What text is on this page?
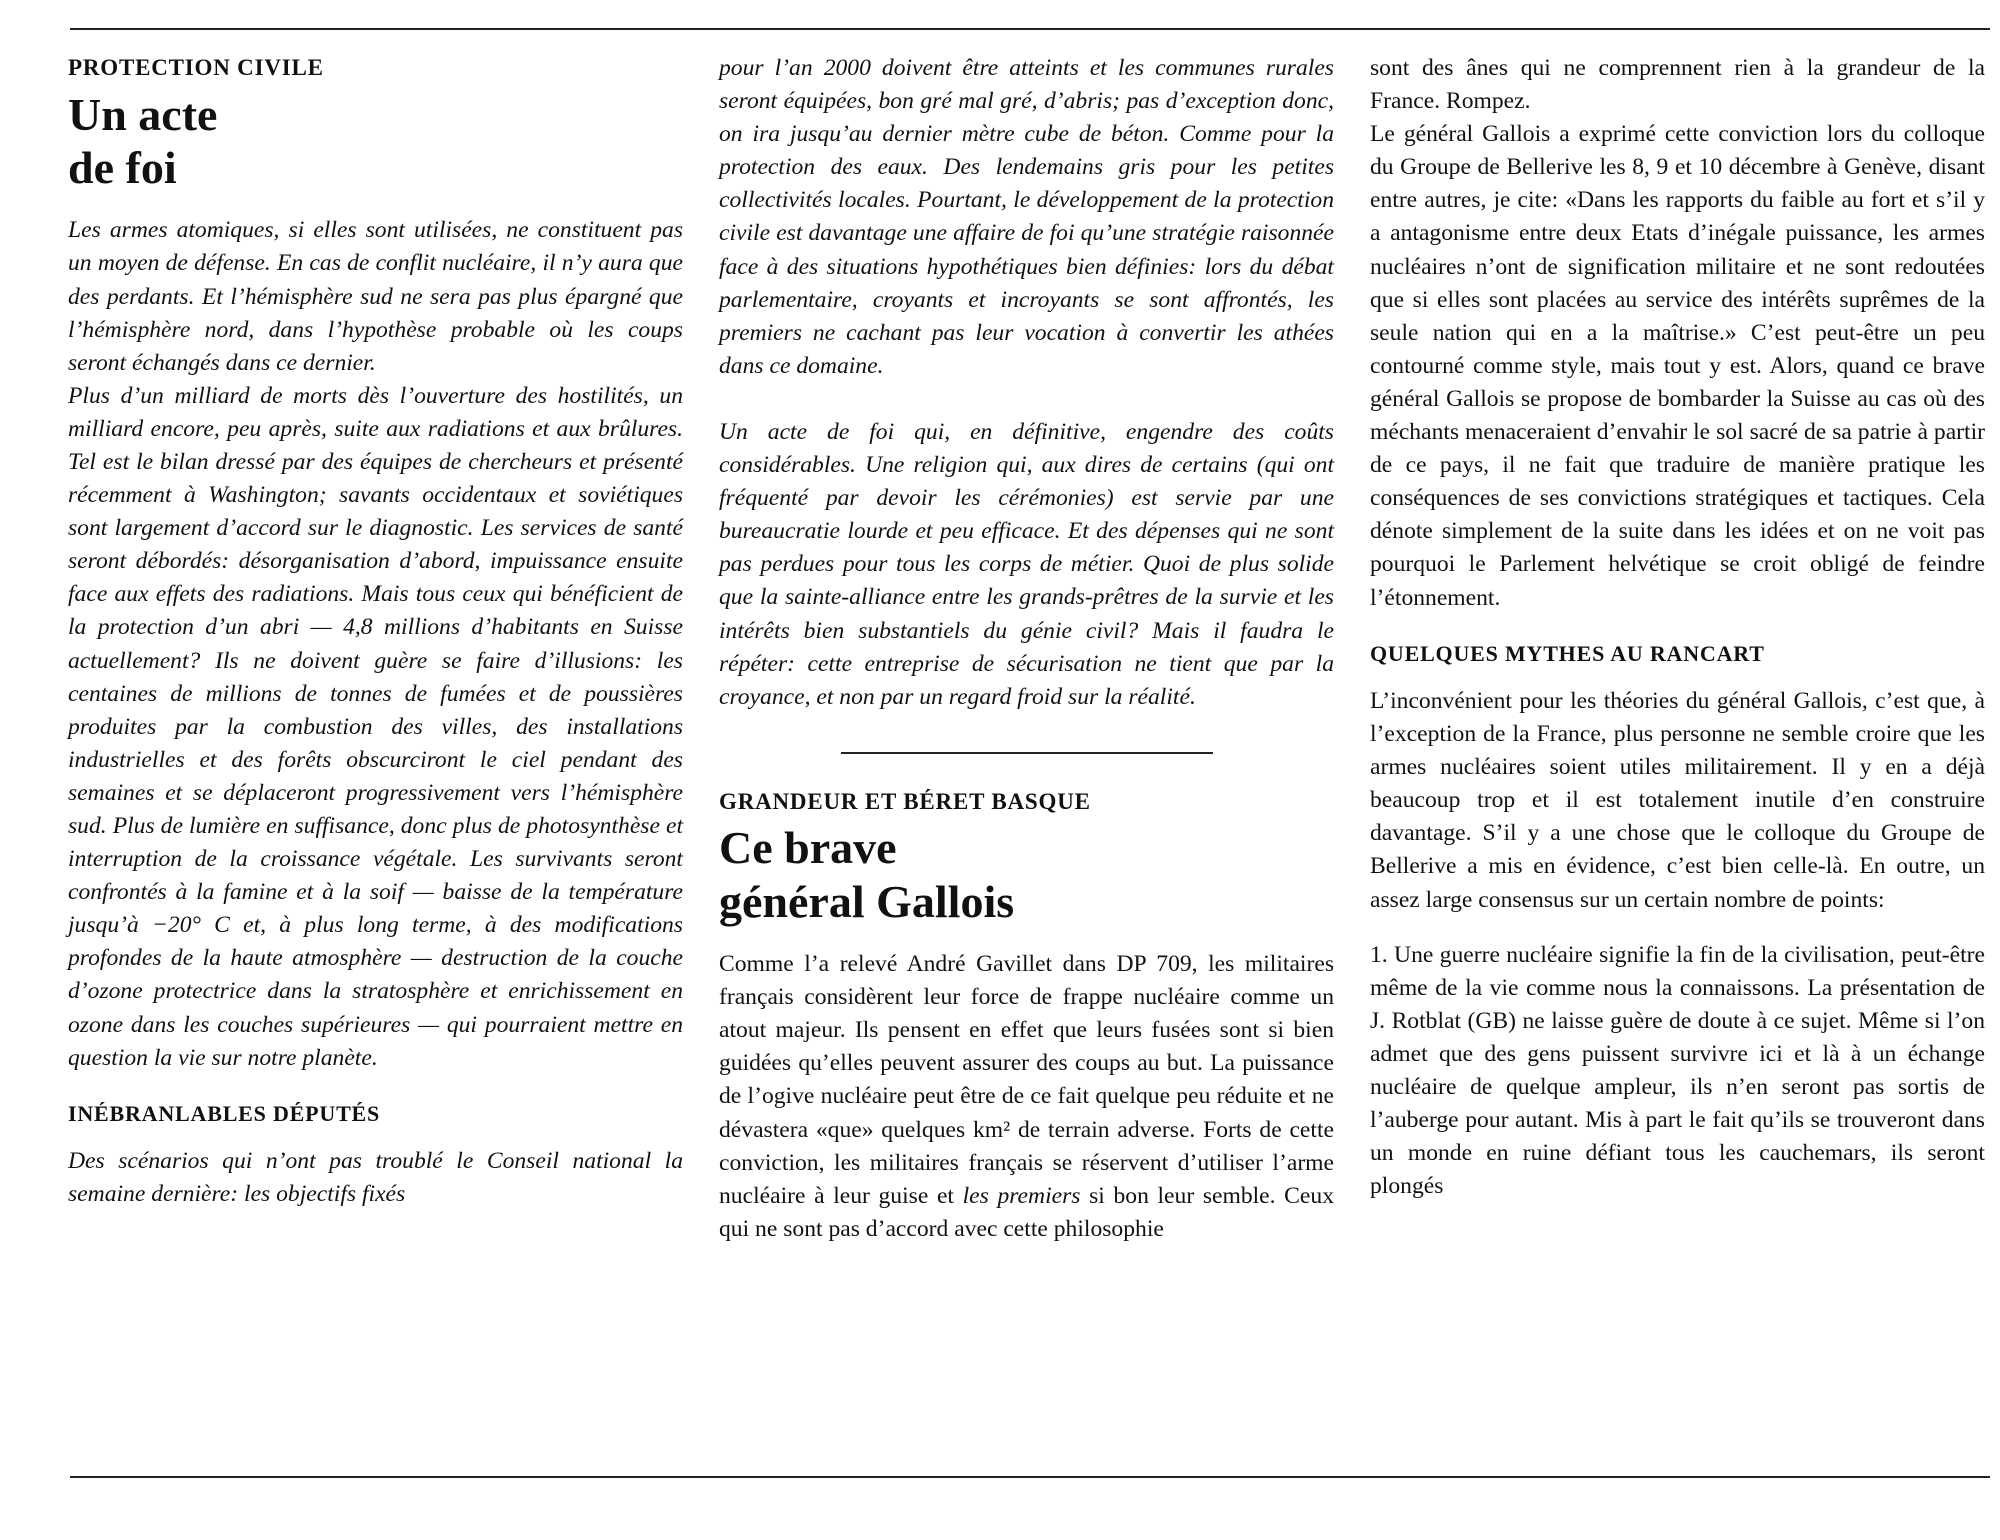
PROTECTION CIVILE
Un acte
de foi

Les armes atomiques, si elles sont utilisées, ne constituent pas un moyen de défense. En cas de conflit nucléaire, il n’y aura que des perdants. Et l’hémisphère sud ne sera pas plus épargné que l’hémisphère nord, dans l’hypothèse probable où les coups seront échangés dans ce dernier.

Plus d’un milliard de morts dès l’ouverture des hostilités, un milliard encore, peu après, suite aux radiations et aux brûlures. Tel est le bilan dressé par des équipes de chercheurs et présenté récemment à Washington; savants occidentaux et soviétiques sont largement d’accord sur le diagnostic. Les services de santé seront débordés: désorganisation d’abord, impuissance ensuite face aux effets des radiations. Mais tous ceux qui bénéficient de la protection d’un abri — 4,8 millions d’habitants en Suisse actuellement? Ils ne doivent guère se faire d’illusions: les centaines de millions de tonnes de fumées et de poussières produites par la combustion des villes, des installations industrielles et des forêts obscurciront le ciel pendant des semaines et se déplaceront progressivement vers l’hémisphère sud. Plus de lumière en suffisance, donc plus de photosynthèse et interruption de la croissance végétale. Les survivants seront confrontés à la famine et à la soif — baisse de la température jusqu’à −20° C et, à plus long terme, à des modifications profondes de la haute atmosphère — destruction de la couche d’ozone protectrice dans la stratosphère et enrichissement en ozone dans les couches supérieures — qui pourraient mettre en question la vie sur notre planète.

INÉBRANLABLES DÉPUTÉS

Des scénarios qui n’ont pas troublé le Conseil national la semaine dernière: les objectifs fixés

pour l’an 2000 doivent être atteints et les communes rurales seront équipées, bon gré mal gré, d’abris; pas d’exception donc, on ira jusqu’au dernier mètre cube de béton. Comme pour la protection des eaux. Des lendemains gris pour les petites collectivités locales. Pourtant, le développement de la protection civile est davantage une affaire de foi qu’une stratégie raisonnée face à des situations hypothétiques bien définies: lors du débat parlementaire, croyants et incroyants se sont affrontés, les premiers ne cachant pas leur vocation à convertir les athées dans ce domaine.

Un acte de foi qui, en définitive, engendre des coûts considérables. Une religion qui, aux dires de certains (qui ont fréquenté par devoir les cérémonies) est servie par une bureaucratie lourde et peu efficace. Et des dépenses qui ne sont pas perdues pour tous les corps de métier. Quoi de plus solide que la sainte-alliance entre les grands-prêtres de la survie et les intérêts bien substantiels du génie civil? Mais il faudra le répéter: cette entreprise de sécurisation ne tient que par la croyance, et non par un regard froid sur la réalité.

GRANDEUR ET BÉRET BASQUE
Ce brave
général Gallois

Comme l’a relevé André Gavillet dans DP 709, les militaires français considèrent leur force de frappe nucléaire comme un atout majeur. Ils pensent en effet que leurs fusées sont si bien guidées qu’elles peuvent assurer des coups au but. La puissance de l’ogive nucléaire peut être de ce fait quelque peu réduite et ne dévastera «que» quelques km² de terrain adverse. Forts de cette conviction, les militaires français se réservent d’utiliser l’arme nucléaire à leur guise et les premiers si bon leur semble. Ceux qui ne sont pas d’accord avec cette philosophie

sont des ânes qui ne comprennent rien à la grandeur de la France. Rompez.

Le général Gallois a exprimé cette conviction lors du colloque du Groupe de Bellerive les 8, 9 et 10 décembre à Genève, disant entre autres, je cite: «Dans les rapports du faible au fort et s’il y a antagonisme entre deux Etats d’inégale puissance, les armes nucléaires n’ont de signification militaire et ne sont redoutées que si elles sont placées au service des intérêts suprêmes de la seule nation qui en a la maîtrise.» C’est peut-être un peu contourné comme style, mais tout y est. Alors, quand ce brave général Gallois se propose de bombarder la Suisse au cas où des méchants menaceraient d’envahir le sol sacré de sa patrie à partir de ce pays, il ne fait que traduire de manière pratique les conséquences de ses convictions stratégiques et tactiques. Cela dénote simplement de la suite dans les idées et on ne voit pas pourquoi le Parlement helvétique se croit obligé de feindre l’étonnement.

QUELQUES MYTHES AU RANCART

L’inconvénient pour les théories du général Gallois, c’est que, à l’exception de la France, plus personne ne semble croire que les armes nucléaires soient utiles militairement. Il y en a déjà beaucoup trop et il est totalement inutile d’en construire davantage. S’il y a une chose que le colloque du Groupe de Bellerive a mis en évidence, c’est bien celle-là. En outre, un assez large consensus sur un certain nombre de points:

1. Une guerre nucléaire signifie la fin de la civilisation, peut-être même de la vie comme nous la connaissons. La présentation de J. Rotblat (GB) ne laisse guère de doute à ce sujet. Même si l’on admet que des gens puissent survivre ici et là à un échange nucléaire de quelque ampleur, ils n’en seront pas sortis de l’auberge pour autant. Mis à part le fait qu’ils se trouveront dans un monde en ruine défiant tous les cauchemars, ils seront plongés
